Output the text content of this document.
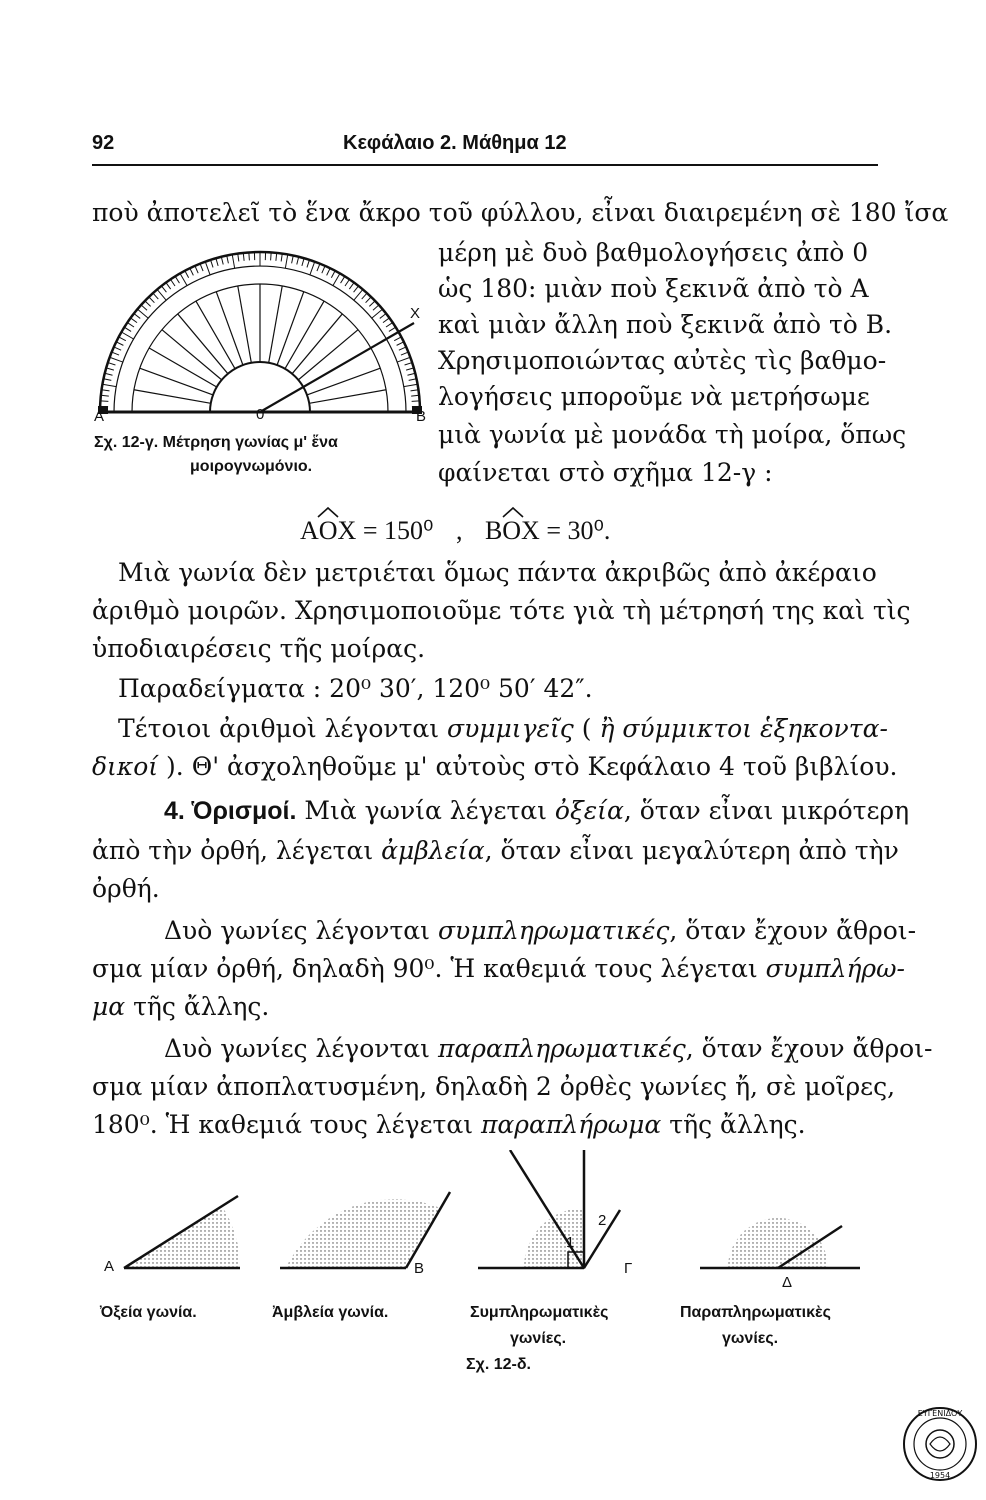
92	Κεφάλαιο 2. Μάθημα 12
ποὺ ἀποτελεῖ τὸ ἕνα ἄκρο τοῦ φύλλου, εἶναι διαιρεμένη σὲ 180 ἴσα
μέρη μὲ δυὸ βαθμολογήσεις ἀπὸ 0
ὡς 180: μιὰν ποὺ ξεκινᾶ ἀπὸ τὸ Α
καὶ μιὰν ἄλλη ποὺ ξεκινᾶ ἀπὸ τὸ Β.
Χρησιμοποιώντας αὐτὲς τὶς βαθμο-
λογήσεις μποροῦμε νὰ μετρήσωμε
μιὰ γωνία μὲ μονάδα τὴ μοίρα, ὅπως
φαίνεται στὸ σχῆμα 12-γ :
Α	0	B
X
Σχ. 12-γ. Μέτρηση γωνίας μ' ἕνα
μοιρογνωμόνιο.
AOX = 150⁰ , BOX = 30⁰.
Μιὰ γωνία δὲν μετριέται ὅμως πάντα ἀκριβῶς ἀπὸ ἀκέραιο
ἀριθμὸ μοιρῶν. Χρησιμοποιοῦμε τότε γιὰ τὴ μέτρησή της καὶ τὶς
ὑποδιαιρέσεις τῆς μοίρας.
Παραδείγματα : 20⁰ 30′, 120⁰ 50′ 42″.
Τέτοιοι ἀριθμοὶ λέγονται συμμιγεῖς ( ἢ σύμμικτοι ἑξηκοντα-
δικοί ). Θ' ἀσχοληθοῦμε μ' αὐτοὺς στὸ Κεφάλαιο 4 τοῦ βιβλίου.
4. Ὁρισμοί. Μιὰ γωνία λέγεται ὀξεία, ὅταν εἶναι μικρότερη
ἀπὸ τὴν ὀρθή, λέγεται ἀμβλεία, ὅταν εἶναι μεγαλύτερη ἀπὸ τὴν
ὀρθή.
Δυὸ γωνίες λέγονται συμπληρωματικές, ὅταν ἔχουν ἄθροι-
σμα μίαν ὀρθή, δηλαδὴ 90⁰. Ἡ καθεμιά τους λέγεται συμπλήρω-
μα τῆς ἄλλης.
Δυὸ γωνίες λέγονται παραπληρωματικές, ὅταν ἔχουν ἄθροι-
σμα μίαν ἀποπλατυσμένη, δηλαδὴ 2 ὀρθὲς γωνίες ἤ, σὲ μοῖρες,
180⁰. Ἡ καθεμιά τους λέγεται παραπλήρωμα τῆς ἄλλης.
Α	Β	Γ
Δ
1
2
Ὀξεία γωνία.	Ἀμβλεία γωνία.	Συμπληρωματικὲς
γωνίες.
Παραπληρωματικὲς
γωνίες.
Σχ. 12-δ.
ΕΥΓΕΝΙΔΟΥ
1954
